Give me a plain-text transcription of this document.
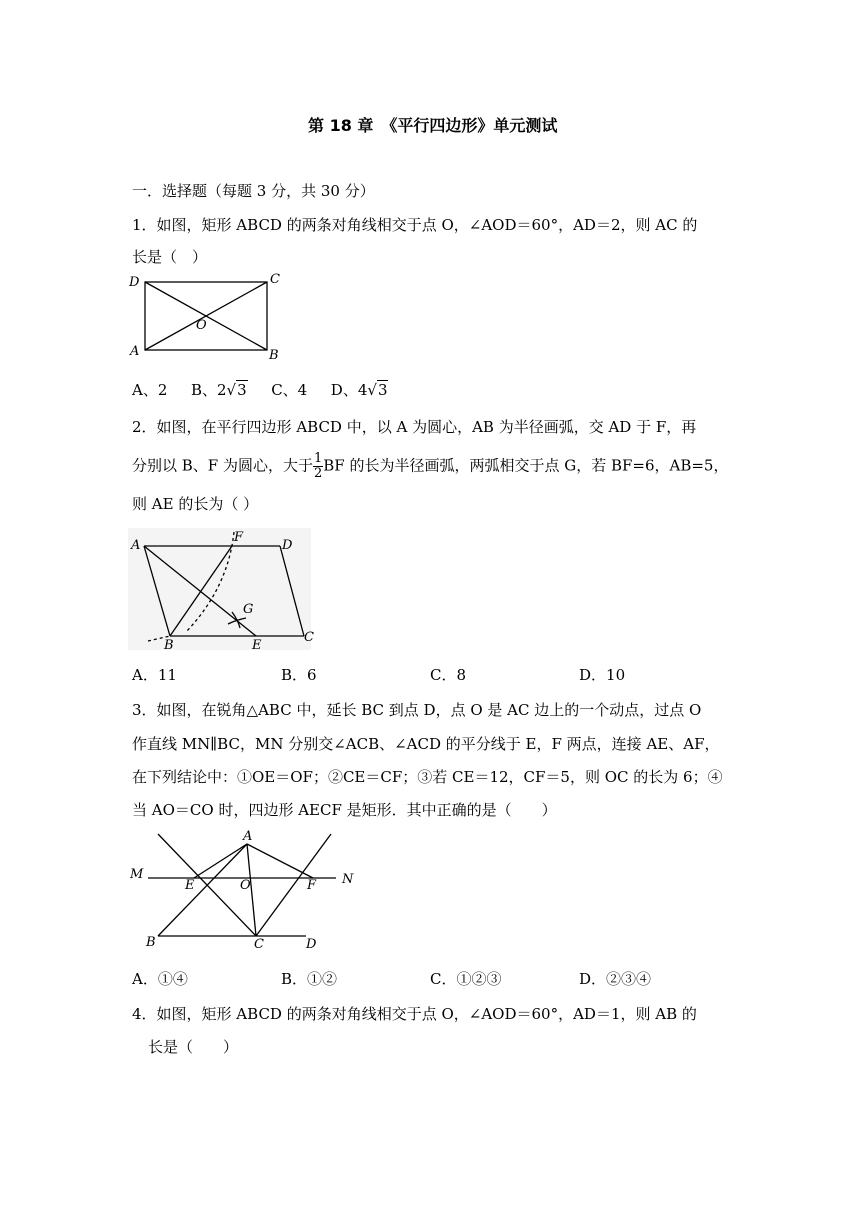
第 18 章　《平行四边形》单元测试
一．选择题（每题 3 分，共 30 分）
1．如图，矩形 ABCD 的两条对角线相交于点 O，∠AOD＝60°，AD＝2，则 AC 的
长是（　）
D	C
O
A	B
A、2 B、2√3 C、4 D、4√3
2．如图，在平行四边形 ABCD 中，以 A 为圆心，AB 为半径画弧，交 AD 于 F，再
分别以 B、F 为圆心，大于 $\frac{1}{2}$ BF 的长为半径画弧，两弧相交于点 G，若 BF=6，AB=5，
则 AE 的长为（ ）
A
F
D
G
B	E
C
A．11	B．6	C．8	D．10
3．如图，在锐角△ABC 中，延长 BC 到点 D，点 O 是 AC 边上的一个动点，过点 O
作直线 MN∥BC，MN 分别交∠ACB、∠ACD 的平分线于 E，F 两点，连接 AE、AF，
在下列结论中：①OE＝OF；②CE＝CF；③若 CE＝12，CF＝5，则 OC 的长为 6；④
当 AO＝CO 时，四边形 AECF 是矩形．其中正确的是（　　）
A
M
E	O	F N
B	C	D
A．①④	B．①②	C．①②③	D．②③④
4．如图，矩形 ABCD 的两条对角线相交于点 O，∠AOD＝60°，AD＝1，则 AB 的
长是（　　）
